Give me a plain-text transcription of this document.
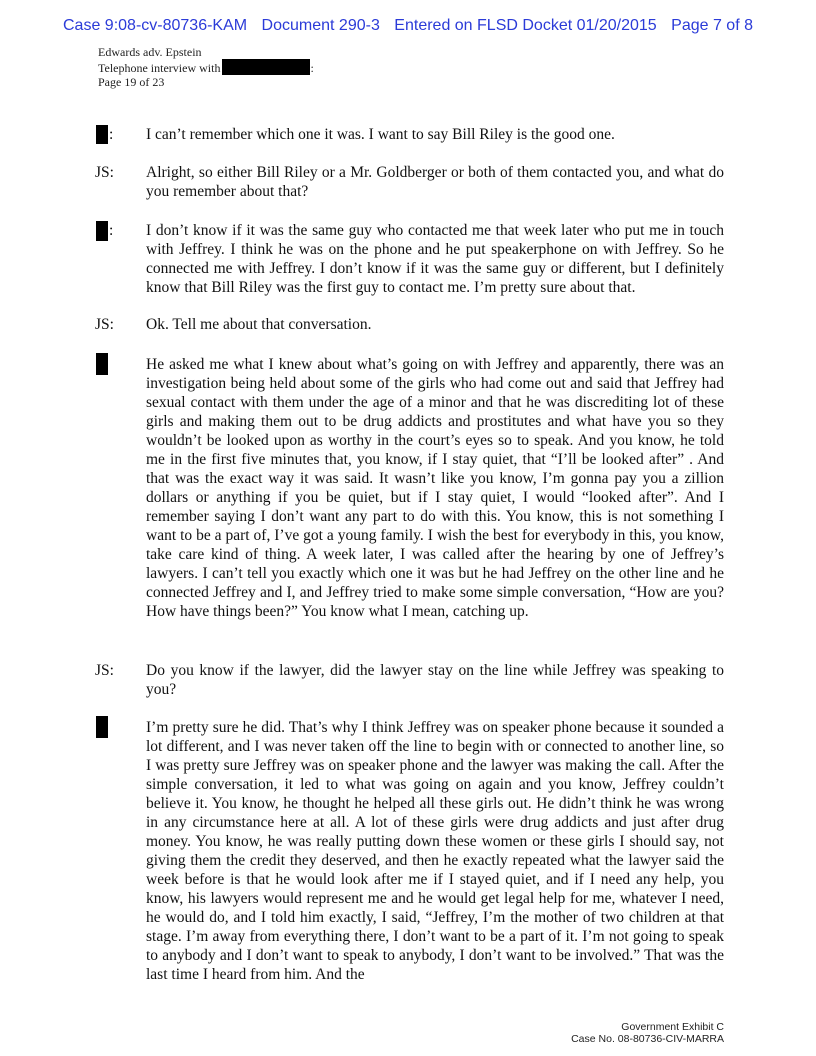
Case 9:08-cv-80736-KAM Document 290-3 Entered on FLSD Docket 01/20/2015 Page 7 of 8
Edwards adv. Epstein
Telephone interview with	:
Page 19 of 23
: I can’t remember which one it was. I want to say Bill Riley is the good one.
JS: Alright, so either Bill Riley or a Mr. Goldberger or both of them contacted you, and what do you remember about that?
: I don’t know if it was the same guy who contacted me that week later who put me in touch with Jeffrey. I think he was on the phone and he put speakerphone on with Jeffrey. So he connected me with Jeffrey. I don’t know if it was the same guy or different, but I definitely know that Bill Riley was the first guy to contact me. I’m pretty sure about that.
JS: Ok. Tell me about that conversation.
He asked me what I knew about what’s going on with Jeffrey and apparently, there was an investigation being held about some of the girls who had come out and said that Jeffrey had sexual contact with them under the age of a minor and that he was discrediting lot of these girls and making them out to be drug addicts and prostitutes and what have you so they wouldn’t be looked upon as worthy in the court’s eyes so to speak. And you know, he told me in the first five minutes that, you know, if I stay quiet, that “I’ll be looked after” . And that was the exact way it was said. It wasn’t like you know, I’m gonna pay you a zillion dollars or anything if you be quiet, but if I stay quiet, I would “looked after”. And I remember saying I don’t want any part to do with this. You know, this is not something I want to be a part of, I’ve got a young family. I wish the best for everybody in this, you know, take care kind of thing. A week later, I was called after the hearing by one of Jeffrey’s lawyers. I can’t tell you exactly which one it was but he had Jeffrey on the other line and he connected Jeffrey and I, and Jeffrey tried to make some simple conversation, “How are you? How have things been?” You know what I mean, catching up.
JS: Do you know if the lawyer, did the lawyer stay on the line while Jeffrey was speaking to you?
I’m pretty sure he did. That’s why I think Jeffrey was on speaker phone because it sounded a lot different, and I was never taken off the line to begin with or connected to another line, so I was pretty sure Jeffrey was on speaker phone and the lawyer was making the call. After the simple conversation, it led to what was going on again and you know, Jeffrey couldn’t believe it. You know, he thought he helped all these girls out. He didn’t think he was wrong in any circumstance here at all. A lot of these girls were drug addicts and just after drug money. You know, he was really putting down these women or these girls I should say, not giving them the credit they deserved, and then he exactly repeated what the lawyer said the week before is that he would look after me if I stayed quiet, and if I need any help, you know, his lawyers would represent me and he would get legal help for me, whatever I need, he would do, and I told him exactly, I said, “Jeffrey, I’m the mother of two children at that stage. I’m away from everything there, I don’t want to be a part of it. I’m not going to speak to anybody and I don’t want to speak to anybody, I don’t want to be involved.” That was the last time I heard from him. And the
Government Exhibit C
Case No. 08-80736-CIV-MARRA
